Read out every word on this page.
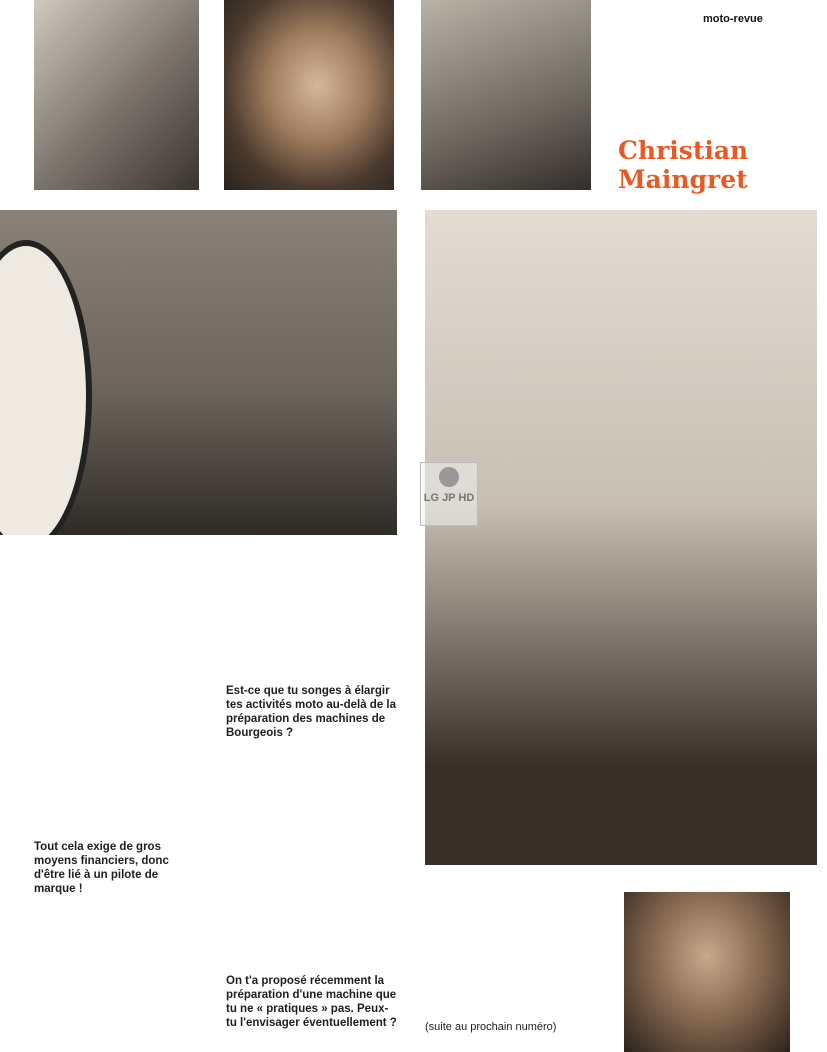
moto-revue
Christian
Maingret
LG JP HD

Tout cela exige de gros moyens financiers, donc d'être lié à un pilote de marque !

Est-ce que tu songes à élargir tes activités moto au-delà de la préparation des machines de Bourgeois ?

On t'a proposé récemment la préparation d'une machine que tu ne « pratiques » pas. Peux-tu l'envisager éventuellement ?	(suite au prochain numéro)
